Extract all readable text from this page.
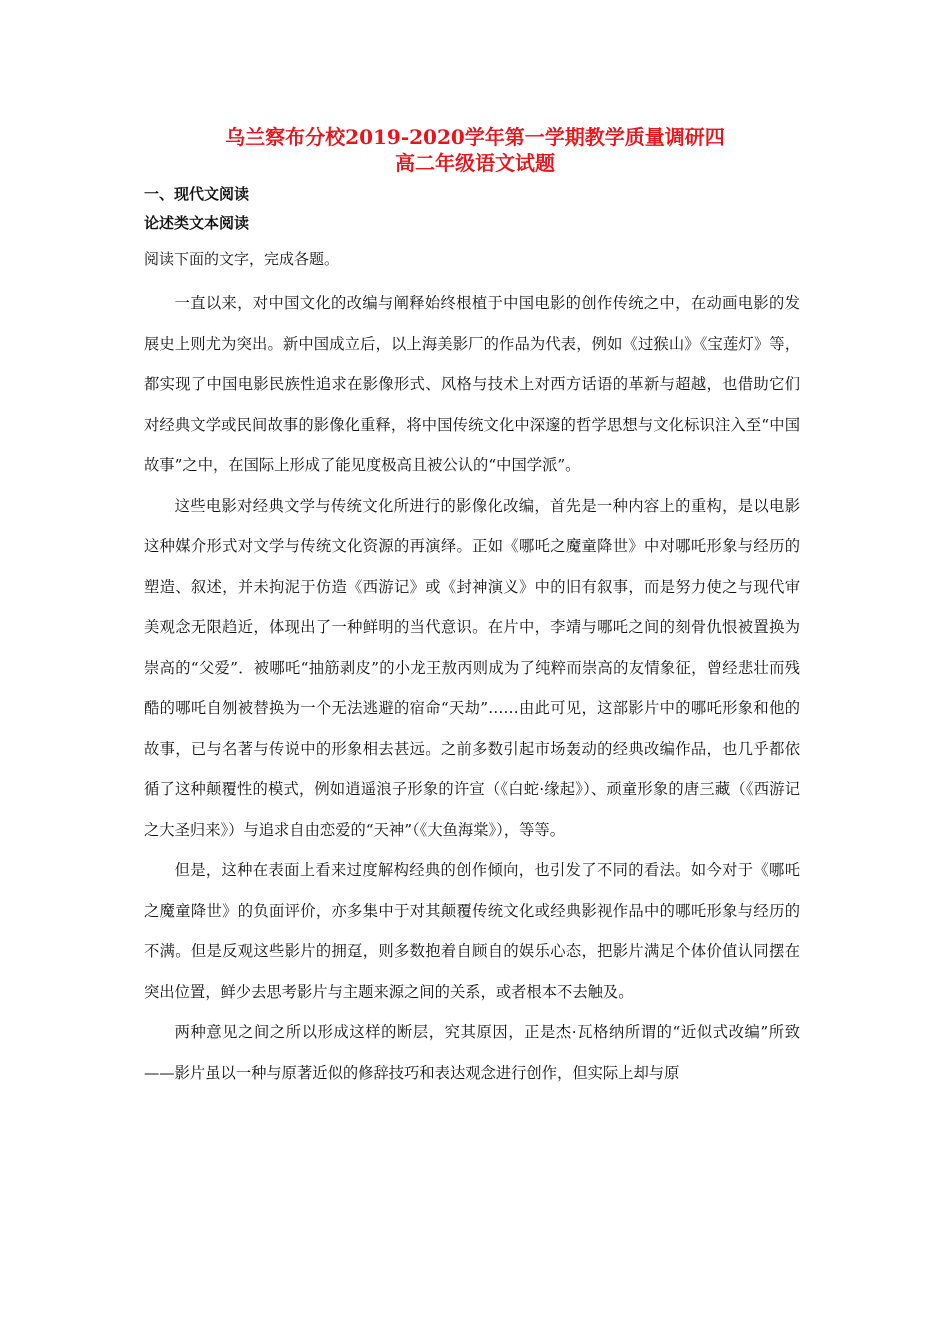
乌兰察布分校2019-2020学年第一学期教学质量调研四
高二年级语文试题
一、现代文阅读
论述类文本阅读
阅读下面的文字，完成各题。

一直以来，对中国文化的改编与阐释始终根植于中国电影的创作传统之中，在动画电影的发展史上则尤为突出。新中国成立后，以上海美影厂的作品为代表，例如《过猴山》《宝莲灯》等，都实现了中国电影民族性追求在影像形式、风格与技术上对西方话语的革新与超越，也借助它们对经典文学或民间故事的影像化重释，将中国传统文化中深邃的哲学思想与文化标识注入至“中国故事”之中，在国际上形成了能见度极高且被公认的“中国学派”。

这些电影对经典文学与传统文化所进行的影像化改编，首先是一种内容上的重构，是以电影这种媒介形式对文学与传统文化资源的再演绎。正如《哪吒之魔童降世》中对哪吒形象与经历的塑造、叙述，并未拘泥于仿造《西游记》或《封神演义》中的旧有叙事，而是努力使之与现代审美观念无限趋近，体现出了一种鲜明的当代意识。在片中，李靖与哪吒之间的刻骨仇恨被置换为崇高的“父爱”．被哪吒“抽筋剥皮”的小龙王敖丙则成为了纯粹而崇高的友情象征，曾经悲壮而残酷的哪吒自刎被替换为一个无法逃避的宿命“天劫”……由此可见，这部影片中的哪吒形象和他的故事，已与名著与传说中的形象相去甚远。之前多数引起市场轰动的经典改编作品，也几乎都依循了这种颠覆性的模式，例如逍遥浪子形象的许宣（《白蛇·缘起》）、顽童形象的唐三藏（《西游记之大圣归来》）与追求自由恋爱的“天神”（《大鱼海棠》），等等。

但是，这种在表面上看来过度解构经典的创作倾向，也引发了不同的看法。如今对于《哪吒之魔童降世》的负面评价，亦多集中于对其颠覆传统文化或经典影视作品中的哪吒形象与经历的不满。但是反观这些影片的拥趸，则多数抱着自顾自的娱乐心态，把影片满足个体价值认同摆在突出位置，鲜少去思考影片与主题来源之间的关系，或者根本不去触及。

两种意见之间之所以形成这样的断层，究其原因，正是杰·瓦格纳所谓的“近似式改编”所致——影片虽以一种与原著近似的修辞技巧和表达观念进行创作，但实际上却与原
